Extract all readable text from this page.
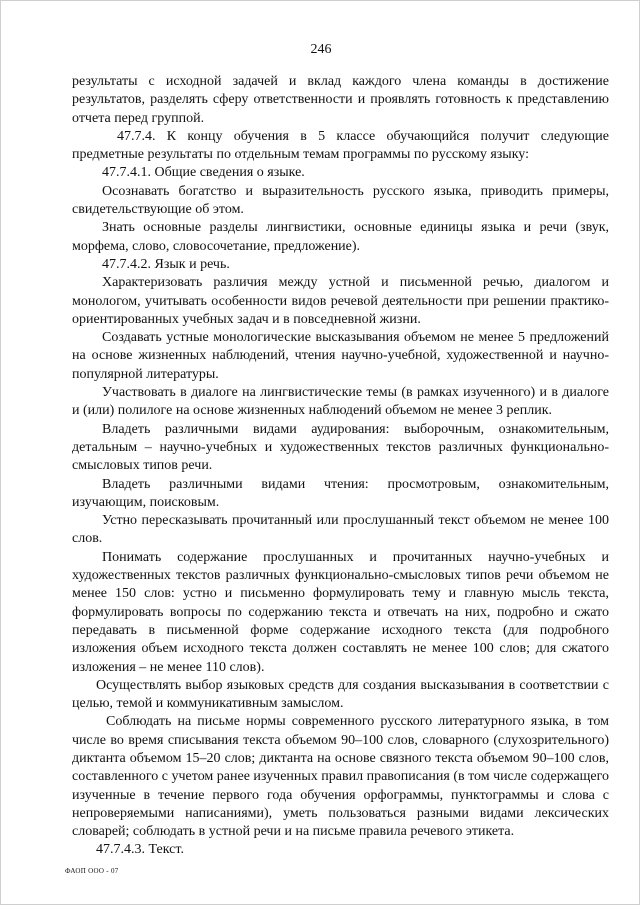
246

результаты с исходной задачей и вклад каждого члена команды в достижение результатов, разделять сферу ответственности и проявлять готовность к представлению отчета перед группой.

47.7.4. К концу обучения в 5 классе обучающийся получит следующие предметные результаты по отдельным темам программы по русскому языку:

47.7.4.1. Общие сведения о языке.

Осознавать богатство и выразительность русского языка, приводить примеры, свидетельствующие об этом.

Знать основные разделы лингвистики, основные единицы языка и речи (звук, морфема, слово, словосочетание, предложение).

47.7.4.2. Язык и речь.

Характеризовать различия между устной и письменной речью, диалогом и монологом, учитывать особенности видов речевой деятельности при решении практико-ориентированных учебных задач и в повседневной жизни.

Создавать устные монологические высказывания объемом не менее 5 предложений на основе жизненных наблюдений, чтения научно-учебной, художественной и научно-популярной литературы.

Участвовать в диалоге на лингвистические темы (в рамках изученного) и в диалоге и (или) полилоге на основе жизненных наблюдений объемом не менее 3 реплик.

Владеть различными видами аудирования: выборочным, ознакомительным, детальным – научно-учебных и художественных текстов различных функционально-смысловых типов речи.

Владеть различными видами чтения: просмотровым, ознакомительным, изучающим, поисковым.

Устно пересказывать прочитанный или прослушанный текст объемом не менее 100 слов.

Понимать содержание прослушанных и прочитанных научно-учебных и художественных текстов различных функционально-смысловых типов речи объемом не менее 150 слов: устно и письменно формулировать тему и главную мысль текста, формулировать вопросы по содержанию текста и отвечать на них, подробно и сжато передавать в письменной форме содержание исходного текста (для подробного изложения объем исходного текста должен составлять не менее 100 слов; для сжатого изложения – не менее 110 слов).

Осуществлять выбор языковых средств для создания высказывания в соответствии с целью, темой и коммуникативным замыслом.

Соблюдать на письме нормы современного русского литературного языка, в том числе во время списывания текста объемом 90–100 слов, словарного (слухозрительного) диктанта объемом 15–20 слов; диктанта на основе связного текста объемом 90–100 слов, составленного с учетом ранее изученных правил правописания (в том числе содержащего изученные в течение первого года обучения орфограммы, пунктограммы и слова с непроверяемыми написаниями), уметь пользоваться разными видами лексических словарей; соблюдать в устной речи и на письме правила речевого этикета.

47.7.4.3. Текст.

ФАОП ООО - 07
